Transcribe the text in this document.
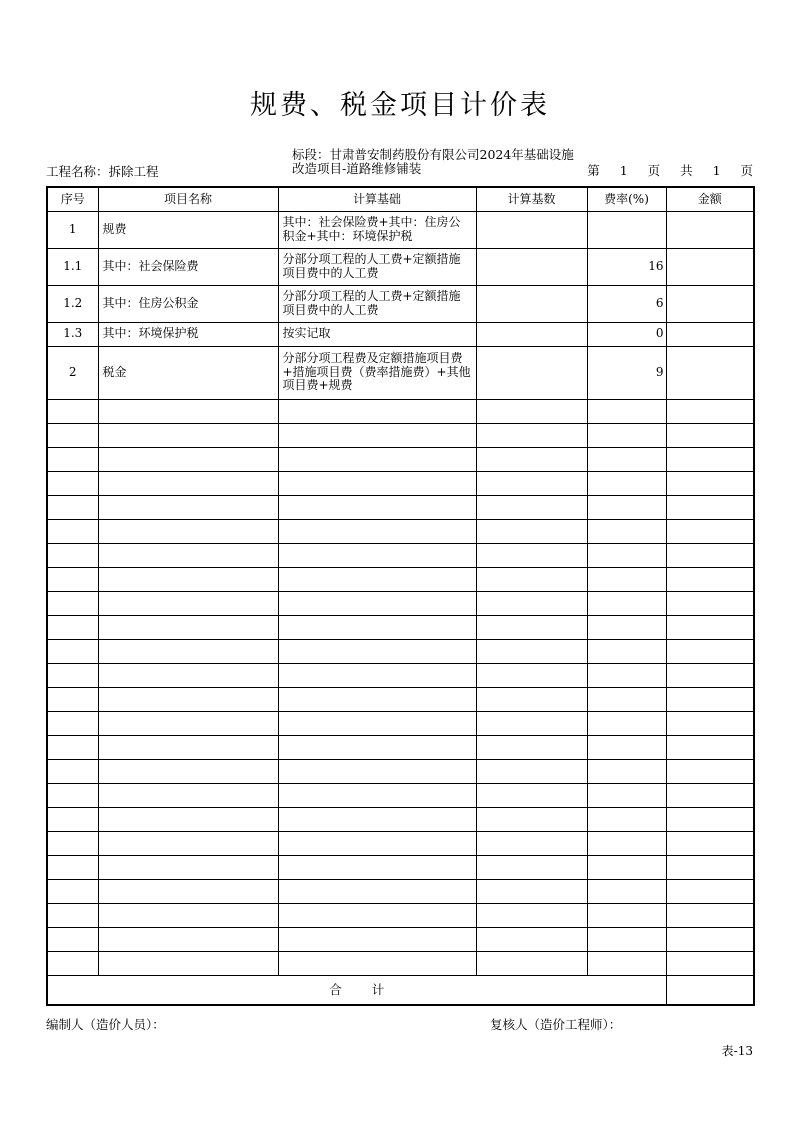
规费、税金项目计价表
工程名称：拆除工程
标段：甘肃普安制药股份有限公司2024年基础设施
改造项目-道路维修铺装	第 1 页 共 1 页
序号	项目名称	计算基础	计算基数	费率(%)	金额
1	规费	其中：社会保险费+其中：住房公积金+其中：环境保护税			
1.1	其中：社会保险费	分部分项工程的人工费+定额措施项目费中的人工费		16	
1.2	其中：住房公积金	分部分项工程的人工费+定额措施项目费中的人工费		6	
1.3	其中：环境保护税	按实记取		0	
2	税金	分部分项工程费及定额措施项目费+措施项目费（费率措施费）+其他项目费+规费		9	

合 计					
编制人（造价人员）：	复核人（造价工程师）：
表-13
